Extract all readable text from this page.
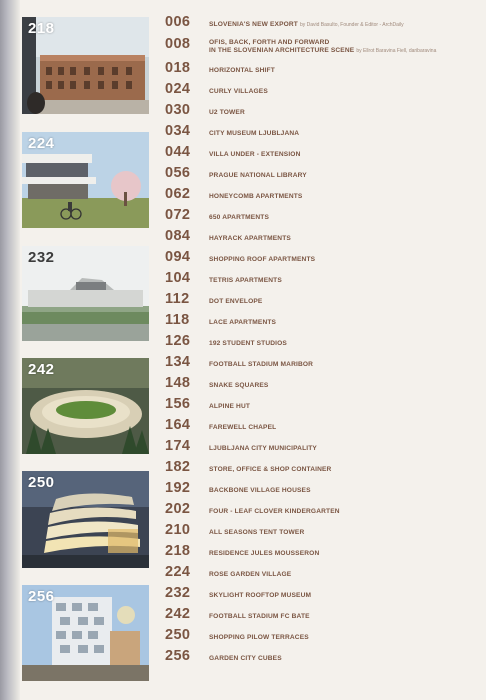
218
224
232
242
250
256
006	SLOVENIA'S NEW EXPORT by David Basulto, Founder & Editor - ArchDaily
008	OFIS, BACK, FORTH AND FORWARD
IN THE SLOVENIAN ARCHITECTURE SCENE by Ellrot Baravina Fiell, daribaravina
018	HORIZONTAL SHIFT
024	CURLY VILLAGES
030	U2 TOWER
034	CITY MUSEUM LJUBLJANA
044	VILLA UNDER - EXTENSION
056	PRAGUE NATIONAL LIBRARY
062	HONEYCOMB APARTMENTS
072	650 APARTMENTS
084	HAYRACK APARTMENTS
094	SHOPPING ROOF APARTMENTS
104	TETRIS APARTMENTS
112	DOT ENVELOPE
118	LACE APARTMENTS
126	192 STUDENT STUDIOS
134	FOOTBALL STADIUM MARIBOR
148	SNAKE SQUARES
156	ALPINE HUT
164	FAREWELL CHAPEL
174	LJUBLJANA CITY MUNICIPALITY
182	STORE, OFFICE & SHOP CONTAINER
192	BACKBONE VILLAGE HOUSES
202	FOUR - LEAF CLOVER KINDERGARTEN
210	ALL SEASONS TENT TOWER
218	RESIDENCE JULES MOUSSERON
224	ROSE GARDEN VILLAGE
232	SKYLIGHT ROOFTOP MUSEUM
242	FOOTBALL STADIUM FC BATE
250	SHOPPING PILOW TERRACES
256	GARDEN CITY CUBES
